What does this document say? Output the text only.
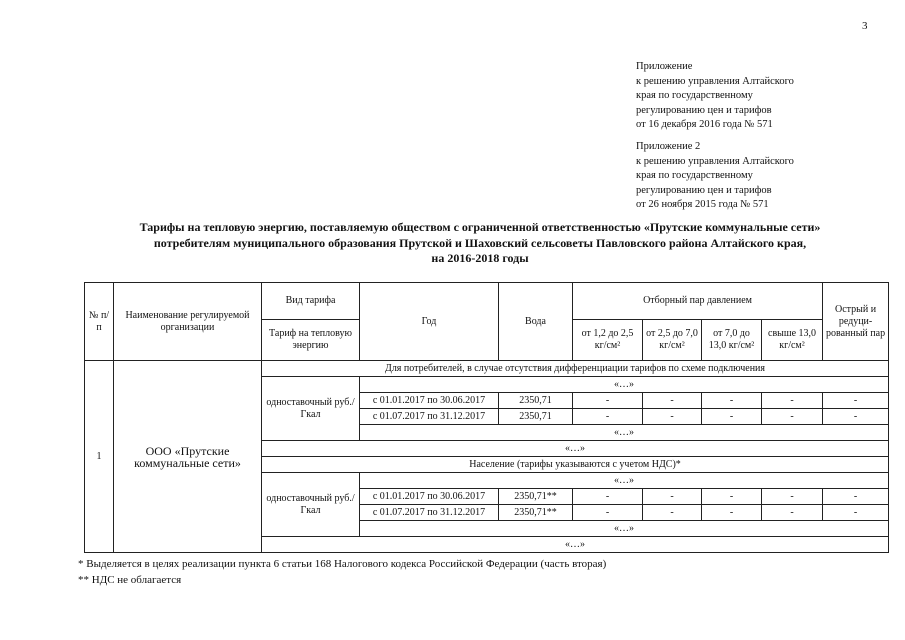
3
Приложение
к решению управления Алтайского
края по государственному
регулированию цен и тарифов
от 16 декабря 2016 года № 571
Приложение 2
к решению управления Алтайского
края по государственному
регулированию цен и тарифов
от 26 ноября 2015 года № 571
Тарифы на тепловую энергию, поставляемую обществом с ограниченной ответственностью «Прутские коммунальные сети»
потребителям муниципального образования Прутской и Шаховский сельсоветы Павловского района Алтайского края,
на 2016-2018 годы
№ п/п	Наименование регулируемой организации	Вид тарифа	Год	Вода	Отборный пар давлением				Острый и редуци-рованный пар
		Тариф на тепловую энергию			от 1,2 до 2,5 кг/см²	от 2,5 до 7,0 кг/см²	от 7,0 до 13,0 кг/см²	свыше 13,0 кг/см²	
1	ООО «Прутские коммунальные сети»	Для потребителей, в случае отсутствия дифференциации тарифов по схеме подключения							
		одноставочный руб./Гкал	«…»						
			с 01.01.2017 по 30.06.2017	2350,71	-	-	-	-	-
			с 01.07.2017 по 31.12.2017	2350,71	-	-	-	-	-
			«…»						
		«…»							
		Население (тарифы указываются с учетом НДС)*							
		одноставочный руб./Гкал	«…»						
			с 01.01.2017 по 30.06.2017	2350,71**	-	-	-	-	-
			с 01.07.2017 по 31.12.2017	2350,71**	-	-	-	-	-
			«…»						
		«…»							
* Выделяется в целях реализации пункта 6 статьи 168 Налогового кодекса Российской Федерации (часть вторая)
** НДС не облагается
